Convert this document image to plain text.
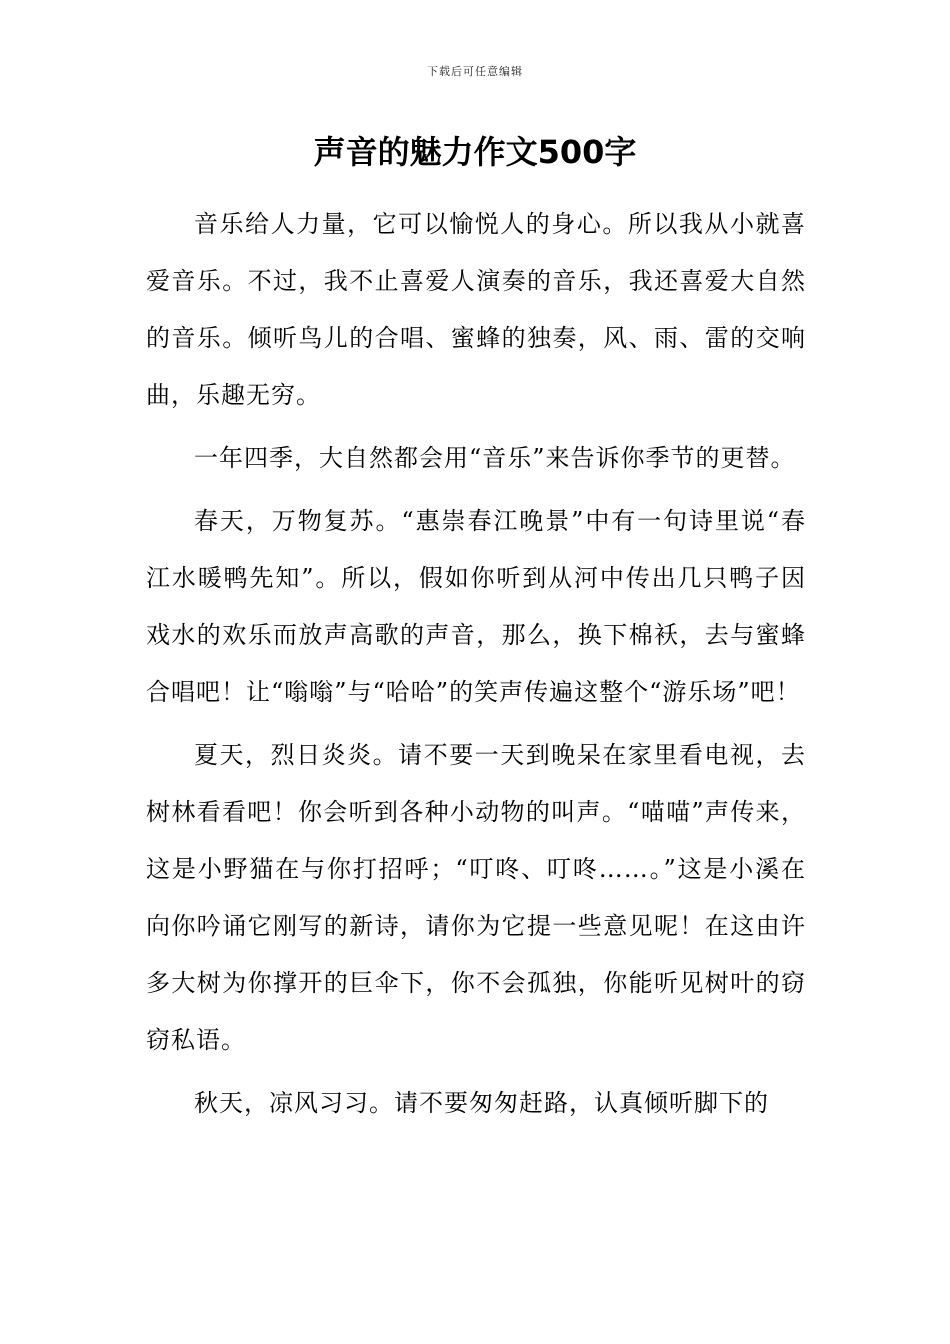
下载后可任意编辑
声音的魅力作文500字

音乐给人力量，它可以愉悦人的身心。所以我从小就喜爱音乐。不过，我不止喜爱人演奏的音乐，我还喜爱大自然的音乐。倾听鸟儿的合唱、蜜蜂的独奏，风、雨、雷的交响曲，乐趣无穷。

一年四季，大自然都会用“音乐”来告诉你季节的更替。

春天，万物复苏。“惠崇春江晚景”中有一句诗里说“春江水暖鸭先知”。所以，假如你听到从河中传出几只鸭子因戏水的欢乐而放声高歌的声音，那么，换下棉袄，去与蜜蜂合唱吧！让“嗡嗡”与“哈哈”的笑声传遍这整个“游乐场”吧！

夏天，烈日炎炎。请不要一天到晚呆在家里看电视，去树林看看吧！你会听到各种小动物的叫声。“喵喵”声传来，这是小野猫在与你打招呼；“叮咚、叮咚……。”这是小溪在向你吟诵它刚写的新诗，请你为它提一些意见呢！在这由许多大树为你撑开的巨伞下，你不会孤独，你能听见树叶的窃窃私语。

秋天，凉风习习。请不要匆匆赶路，认真倾听脚下的
